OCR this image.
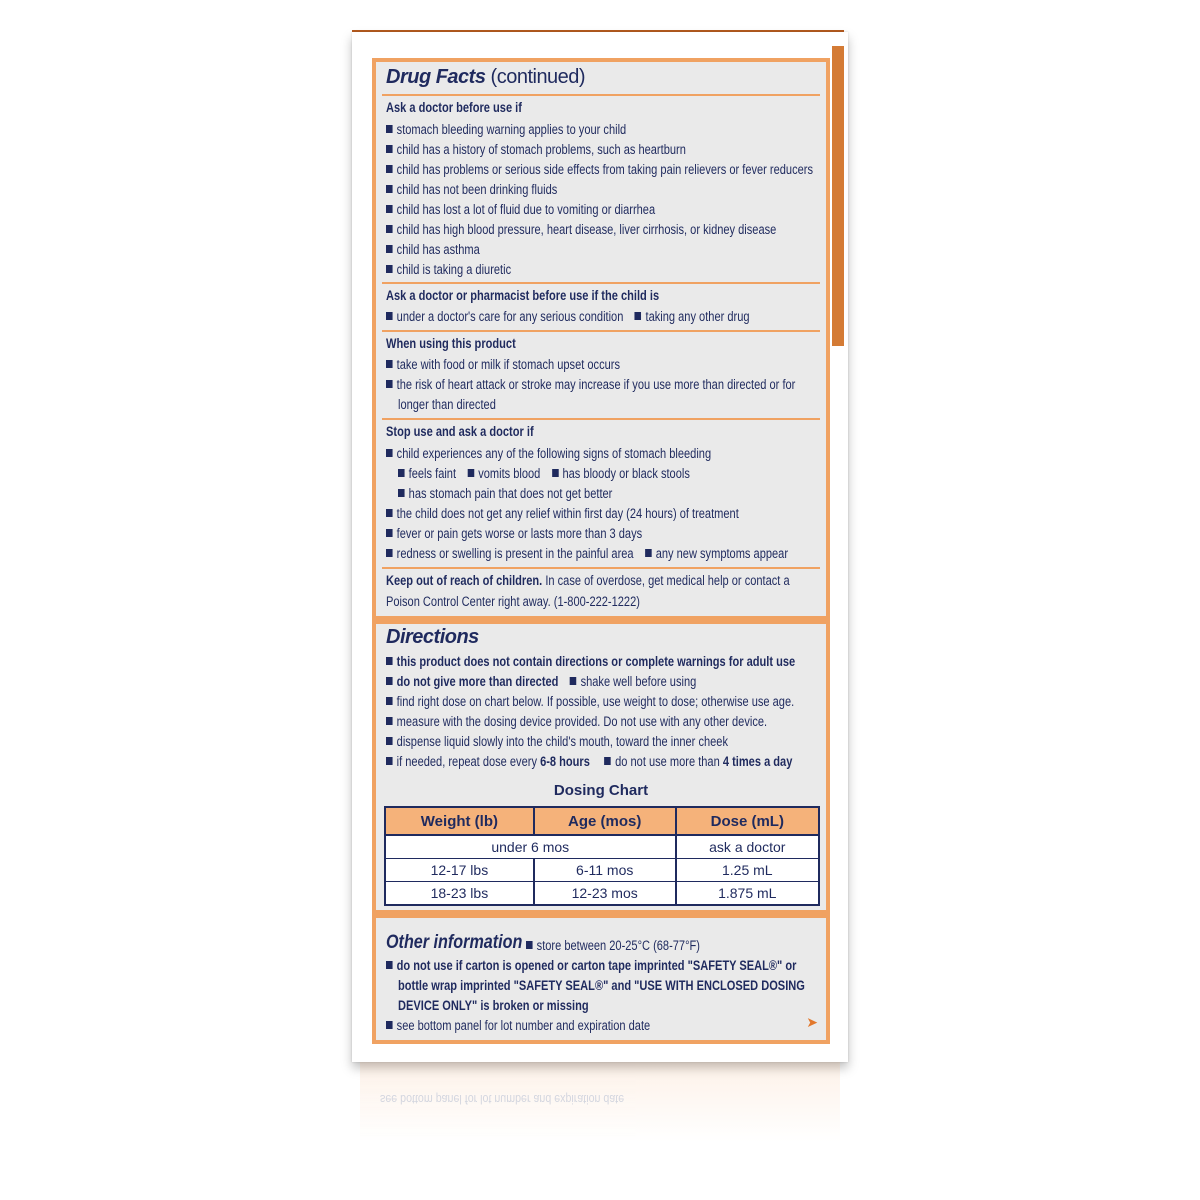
Drug Facts (continued)
Ask a doctor before use if
stomach bleeding warning applies to your child
child has a history of stomach problems, such as heartburn
child has problems or serious side effects from taking pain relievers or fever reducers
child has not been drinking fluids
child has lost a lot of fluid due to vomiting or diarrhea
child has high blood pressure, heart disease, liver cirrhosis, or kidney disease
child has asthma
child is taking a diuretic
Ask a doctor or pharmacist before use if the child is
under a doctor's care for any serious condition taking any other drug
When using this product
take with food or milk if stomach upset occurs
the risk of heart attack or stroke may increase if you use more than directed or for
longer than directed
Stop use and ask a doctor if
child experiences any of the following signs of stomach bleeding
feels faint vomits blood has bloody or black stools
has stomach pain that does not get better
the child does not get any relief within first day (24 hours) of treatment
fever or pain gets worse or lasts more than 3 days
redness or swelling is present in the painful area any new symptoms appear
Keep out of reach of children. In case of overdose, get medical help or contact a
Poison Control Center right away. (1-800-222-1222)
Directions
this product does not contain directions or complete warnings for adult use
do not give more than directed shake well before using
find right dose on chart below. If possible, use weight to dose; otherwise use age.
measure with the dosing device provided. Do not use with any other device.
dispense liquid slowly into the child's mouth, toward the inner cheek
if needed, repeat dose every 6-8 hours do not use more than 4 times a day
Dosing Chart
Weight (lb)	Age (mos)	Dose (mL)
under 6 mos		ask a doctor
12-17 lbs	6-11 mos	1.25 mL
18-23 lbs	12-23 mos	1.875 mL
Other information	store between 20-25°C (68-77°F)
do not use if carton is opened or carton tape imprinted "SAFETY SEAL®" or
bottle wrap imprinted "SAFETY SEAL®" and "USE WITH ENCLOSED DOSING
DEVICE ONLY" is broken or missing
see bottom panel for lot number and expiration date	➤
see bottom panel for lot number and expiration date
